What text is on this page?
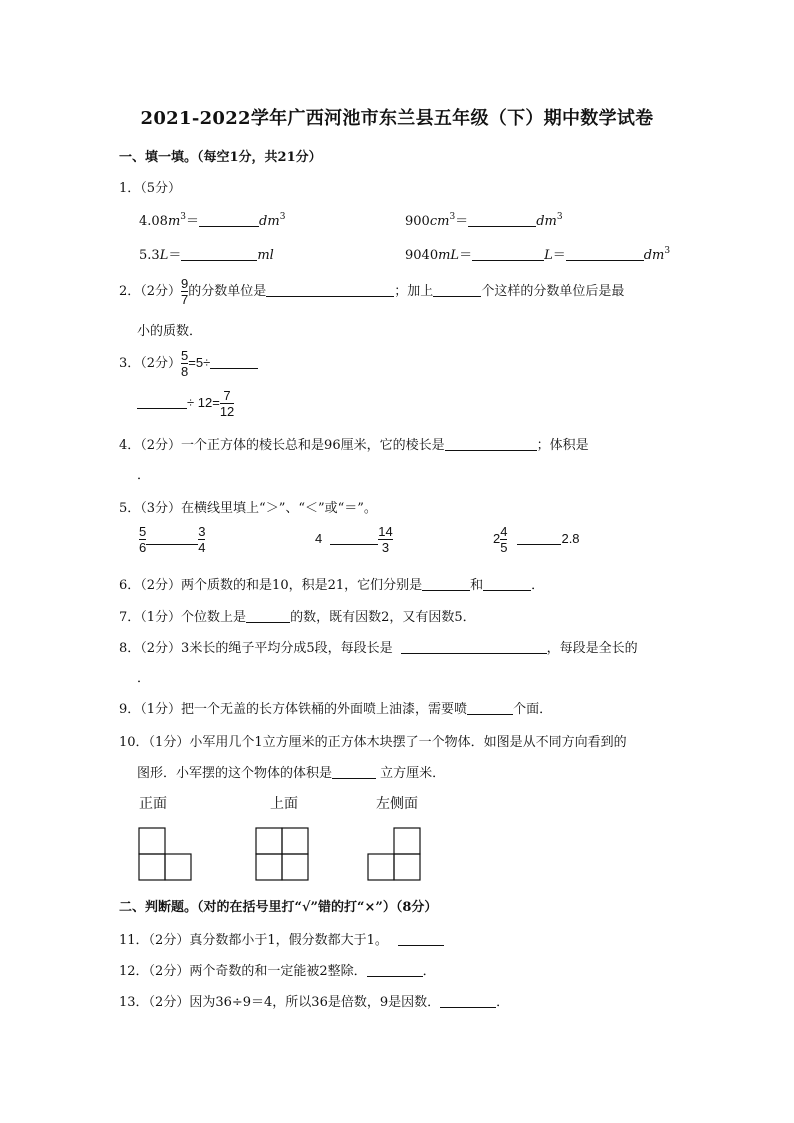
2021-2022学年广西河池市东兰县五年级（下）期中数学试卷
一、填一填。（每空1分，共21分）
1．（5分）
$4.08m^3=$	$dm^3$	$900cm^3=$	$dm^3$
5.3L＝	ml	9040mL＝	L＝	$dm^3$
2．（2分） $\frac{9}{7}$ 的分数单位是	；加上	个这样的分数单位后是最
小的质数．
3．（2分） $\frac{5}{8} =5\div$
÷ $12= \frac{7}{12}$
4．（2分）一个正方体的棱长总和是96厘米，它的棱长是	；体积是
．
5．（3分）在横线里填上“＞”、“＜”或“＝”。
$\frac{5}{6}$	$\frac{3}{4}$	4	$\frac{14}{3}$	$2 \frac{4}{5}$	2.8
6．（2分）两个质数的和是10，积是21，它们分别是	和	．
7．（1分）个位数上是	的数，既有因数2，又有因数5．
8．（2分）3米长的绳子平均分成5段，每段长是	，每段是全长的
．
9．（1分）把一个无盖的长方体铁桶的外面喷上油漆，需要喷	个面．
10．（1分）小军用几个1立方厘米的正方体木块摆了一个物体．如图是从不同方向看到的
图形．小军摆的这个物体的体积是	立方厘米．
正面	上面	左侧面
二、判断题。（对的在括号里打“√”错的打“×”）（8分）
11．（2分）真分数都小于1，假分数都大于1。
12．（2分）两个奇数的和一定能被2整除．	．
13．（2分）因为36÷9＝4，所以36是倍数，9是因数．	．
